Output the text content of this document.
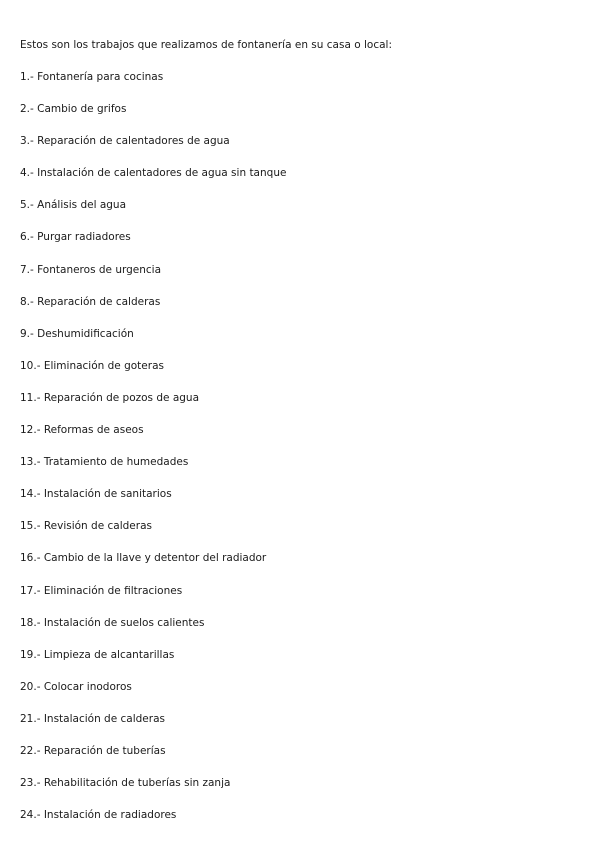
Estos son los trabajos que realizamos de fontanería en su casa o local:

1.- Fontanería para cocinas
2.- Cambio de grifos
3.- Reparación de calentadores de agua
4.- Instalación de calentadores de agua sin tanque
5.- Análisis del agua
6.- Purgar radiadores
7.- Fontaneros de urgencia
8.- Reparación de calderas
9.- Deshumidificación
10.- Eliminación de goteras
11.- Reparación de pozos de agua
12.- Reformas de aseos
13.- Tratamiento de humedades
14.- Instalación de sanitarios
15.- Revisión de calderas
16.- Cambio de la llave y detentor del radiador
17.- Eliminación de filtraciones
18.- Instalación de suelos calientes
19.- Limpieza de alcantarillas
20.- Colocar inodoros
21.- Instalación de calderas
22.- Reparación de tuberías
23.- Rehabilitación de tuberías sin zanja
24.- Instalación de radiadores
